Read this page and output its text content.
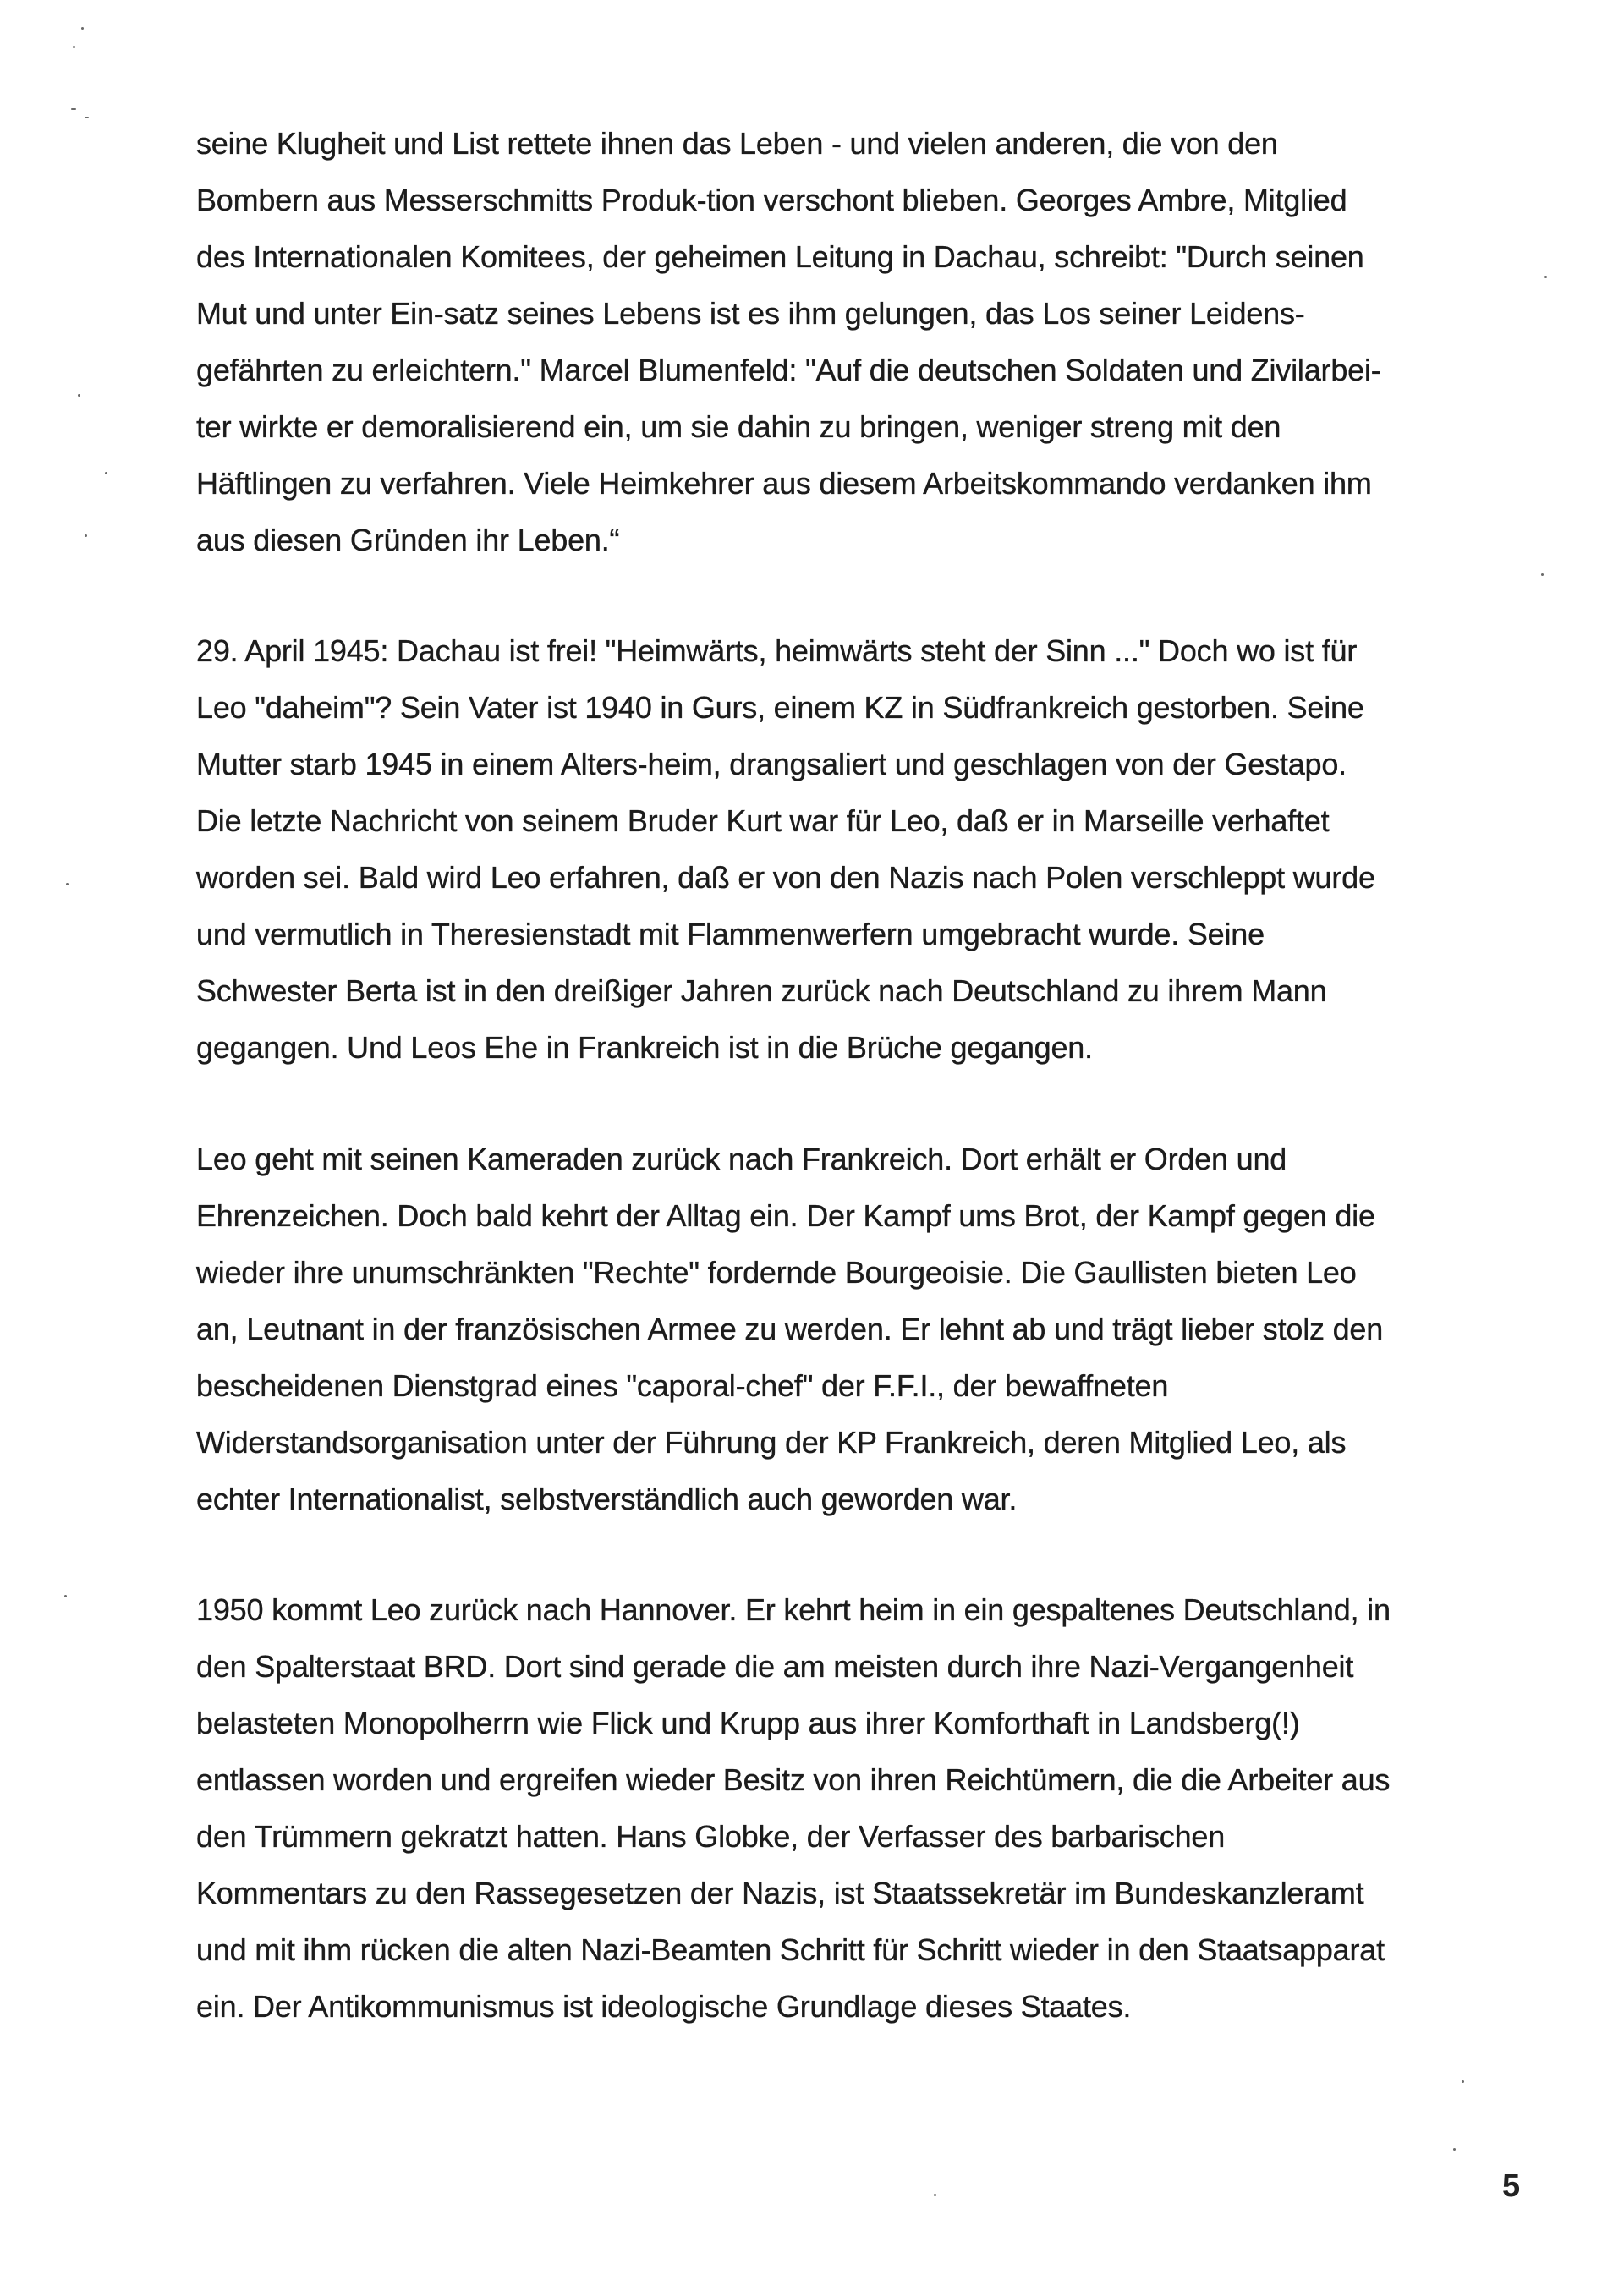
seine Klugheit und List rettete ihnen das Leben - und vielen anderen, die von den
Bombern aus Messerschmitts Produk-tion verschont blieben. Georges Ambre, Mitglied
des Internationalen Komitees, der geheimen Leitung in Dachau, schreibt: "Durch seinen
Mut und unter Ein-satz seines Lebens ist es ihm gelungen, das Los seiner Leidens-
gefährten zu erleichtern." Marcel Blumenfeld: "Auf die deutschen Soldaten und Zivilarbei-
ter wirkte er demoralisierend ein, um sie dahin zu bringen, weniger streng mit den
Häftlingen zu verfahren. Viele Heimkehrer aus diesem Arbeitskommando verdanken ihm
aus diesen Gründen ihr Leben.“
29. April 1945: Dachau ist frei! "Heimwärts, heimwärts steht der Sinn ..." Doch wo ist für
Leo "daheim"? Sein Vater ist 1940 in Gurs, einem KZ in Südfrankreich gestorben. Seine
Mutter starb 1945 in einem Alters-heim, drangsaliert und geschlagen von der Gestapo.
Die letzte Nachricht von seinem Bruder Kurt war für Leo, daß er in Marseille verhaftet
worden sei. Bald wird Leo erfahren, daß er von den Nazis nach Polen verschleppt wurde
und vermutlich in Theresienstadt mit Flammenwerfern umgebracht wurde. Seine
Schwester Berta ist in den dreißiger Jahren zurück nach Deutschland zu ihrem Mann
gegangen. Und Leos Ehe in Frankreich ist in die Brüche gegangen.
Leo geht mit seinen Kameraden zurück nach Frankreich. Dort erhält er Orden und
Ehrenzeichen. Doch bald kehrt der Alltag ein. Der Kampf ums Brot, der Kampf gegen die
wieder ihre unumschränkten "Rechte" fordernde Bourgeoisie. Die Gaullisten bieten Leo
an, Leutnant in der französischen Armee zu werden. Er lehnt ab und trägt lieber stolz den
bescheidenen Dienstgrad eines "caporal-chef" der F.F.I., der bewaffneten
Widerstandsorganisation unter der Führung der KP Frankreich, deren Mitglied Leo, als
echter Internationalist, selbstverständlich auch geworden war.
1950 kommt Leo zurück nach Hannover. Er kehrt heim in ein gespaltenes Deutschland, in
den Spalterstaat BRD. Dort sind gerade die am meisten durch ihre Nazi-Vergangenheit
belasteten Monopolherrn wie Flick und Krupp aus ihrer Komforthaft in Landsberg(!)
entlassen worden und ergreifen wieder Besitz von ihren Reichtümern, die die Arbeiter aus
den Trümmern gekratzt hatten. Hans Globke, der Verfasser des barbarischen
Kommentars zu den Rassegesetzen der Nazis, ist Staatssekretär im Bundeskanzleramt
und mit ihm rücken die alten Nazi-Beamten Schritt für Schritt wieder in den Staatsapparat
ein. Der Antikommunismus ist ideologische Grundlage dieses Staates.
5
